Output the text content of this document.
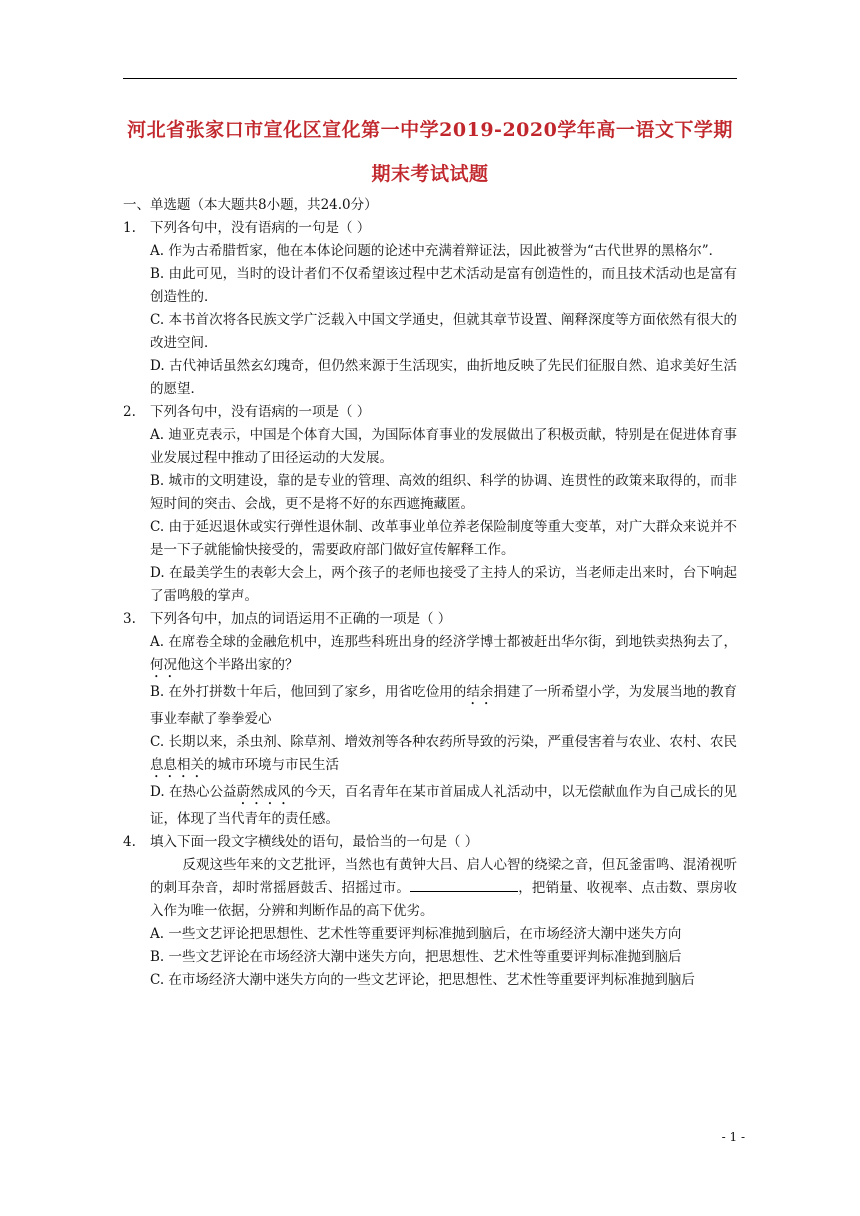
河北省张家口市宣化区宣化第一中学2019-2020学年高一语文下学期
期末考试试题
一、单选题（本大题共8小题，共24.0分）
1. 下列各句中，没有语病的一句是（ ）
A. 作为古希腊哲家，他在本体论问题的论述中充满着辩证法，因此被誉为“古代世界的黑格尔”．
B. 由此可见，当时的设计者们不仅希望该过程中艺术活动是富有创造性的，而且技术活动也是富有创造性的．
C. 本书首次将各民族文学广泛载入中国文学通史，但就其章节设置、阐释深度等方面依然有很大的改进空间．
D. 古代神话虽然玄幻瑰奇，但仍然来源于生活现实，曲折地反映了先民们征服自然、追求美好生活的愿望．
2. 下列各句中，没有语病的一项是（ ）
A. 迪亚克表示，中国是个体育大国，为国际体育事业的发展做出了积极贡献，特别是在促进体育事业发展过程中推动了田径运动的大发展。
B. 城市的文明建设，靠的是专业的管理、高效的组织、科学的协调、连贯性的政策来取得的，而非短时间的突击、会战，更不是将不好的东西遮掩藏匿。
C. 由于延迟退休或实行弹性退休制、改革事业单位养老保险制度等重大变革，对广大群众来说并不是一下子就能愉快接受的，需要政府部门做好宣传解释工作。
D. 在最美学生的表彰大会上，两个孩子的老师也接受了主持人的采访，当老师走出来时，台下响起了雷鸣般的掌声。
3. 下列各句中，加点的词语运用不正确的一项是（ ）
A. 在席卷全球的金融危机中，连那些科班出身的经济学博士都被赶出华尔街，到地铁卖热狗去了，何况他这个半路出家的？
B. 在外打拼数十年后，他回到了家乡，用省吃俭用的结余捐建了一所希望小学，为发展当地的教育事业奉献了拳拳爱心
C. 长期以来，杀虫剂、除草剂、增效剂等各种农药所导致的污染，严重侵害着与农业、农村、农民息息相关的城市环境与市民生活
D. 在热心公益蔚然成风的今天，百名青年在某市首届成人礼活动中，以无偿献血作为自己成长的见证，体现了当代青年的责任感。
4. 填入下面一段文字横线处的语句，最恰当的一句是（ ）
反观这些年来的文艺批评，当然也有黄钟大吕、启人心智的绕梁之音，但瓦釜雷鸣、混淆视听的刺耳杂音，却时常摇唇鼓舌、招摇过市。	，把销量、收视率、点击数、票房收入作为唯一依据，分辨和判断作品的高下优劣。
A. 一些文艺评论把思想性、艺术性等重要评判标准抛到脑后，在市场经济大潮中迷失方向
B. 一些文艺评论在市场经济大潮中迷失方向，把思想性、艺术性等重要评判标准抛到脑后
C. 在市场经济大潮中迷失方向的一些文艺评论，把思想性、艺术性等重要评判标准抛到脑后
- 1 -
